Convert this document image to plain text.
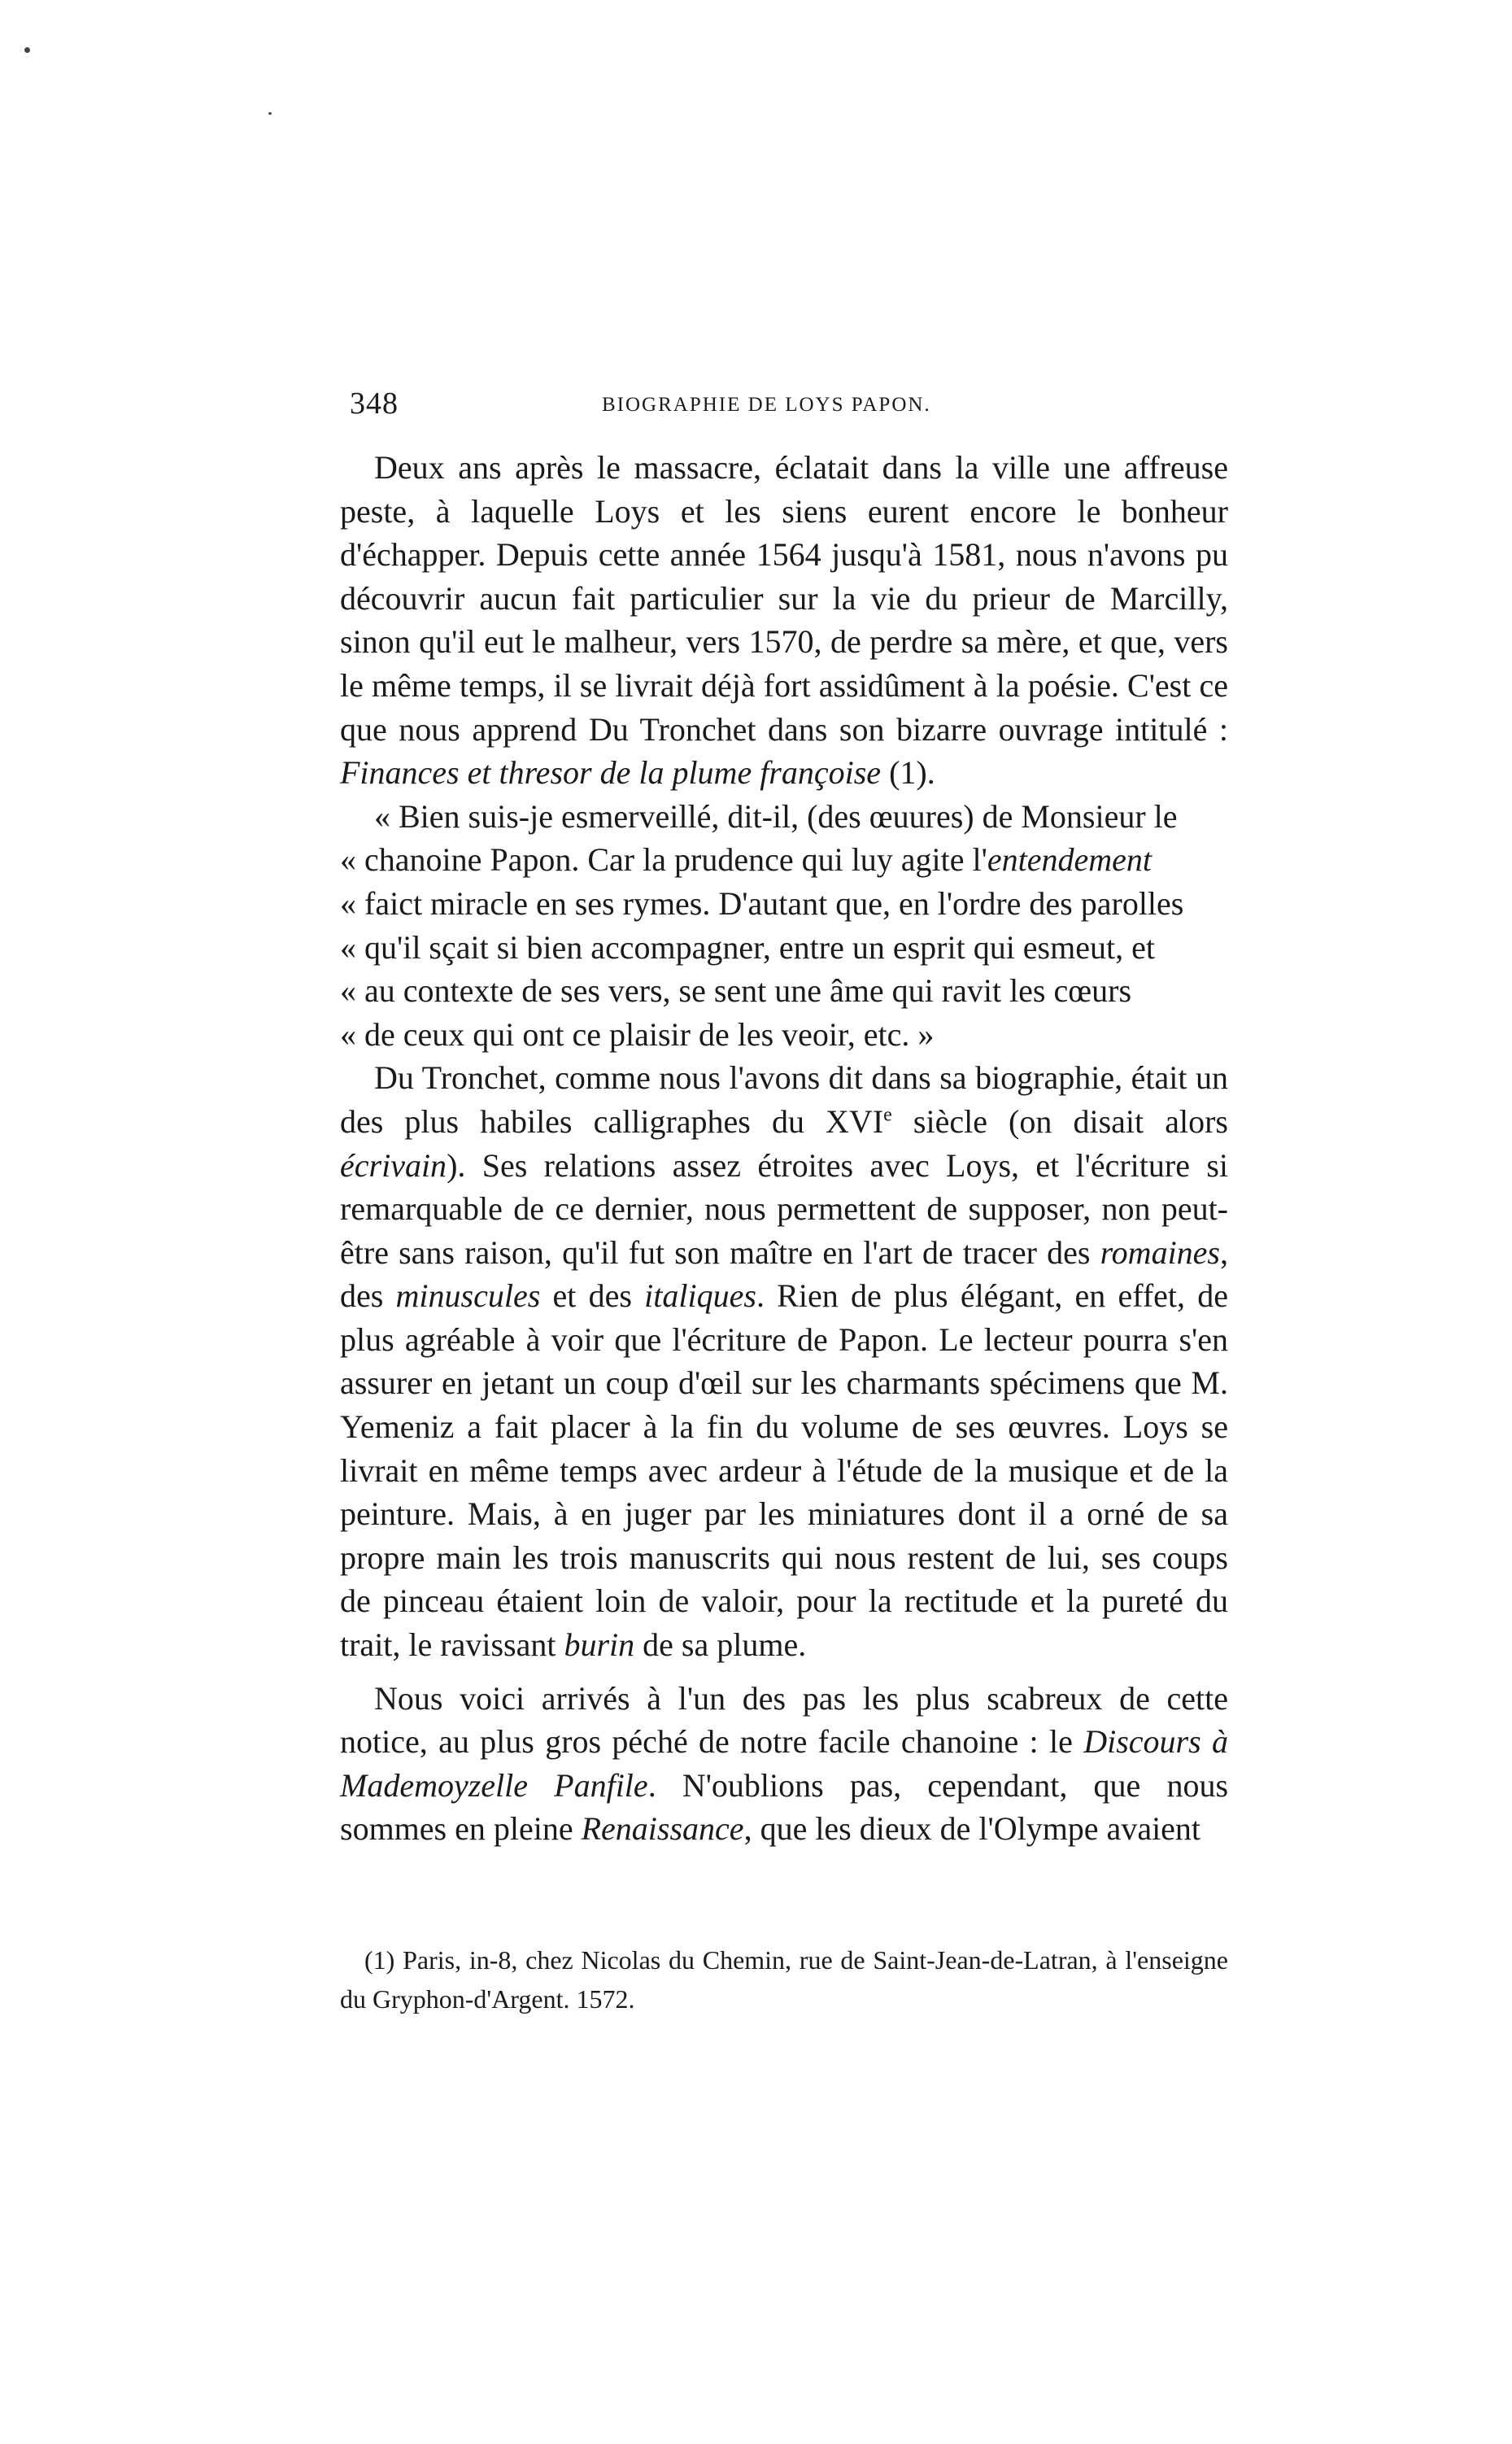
348	BIOGRAPHIE DE LOYS PAPON.

Deux ans après le massacre, éclatait dans la ville une affreuse peste, à laquelle Loys et les siens eurent encore le bonheur d'échapper. Depuis cette année 1564 jusqu'à 1581, nous n'avons pu découvrir aucun fait particulier sur la vie du prieur de Marcilly, sinon qu'il eut le malheur, vers 1570, de perdre sa mère, et que, vers le même temps, il se livrait déjà fort assidûment à la poésie. C'est ce que nous apprend Du Tronchet dans son bizarre ouvrage intitulé : Finances et thresor de la plume françoise (1).

« Bien suis-je esmerveillé, dit-il, (des œuures) de Monsieur le

« chanoine Papon. Car la prudence qui luy agite l'entendement

« faict miracle en ses rymes. D'autant que, en l'ordre des parolles

« qu'il sçait si bien accompagner, entre un esprit qui esmeut, et

« au contexte de ses vers, se sent une âme qui ravit les cœurs

« de ceux qui ont ce plaisir de les veoir, etc. »

Du Tronchet, comme nous l'avons dit dans sa biographie, était un des plus habiles calligraphes du XVIe siècle (on disait alors écrivain). Ses relations assez étroites avec Loys, et l'écriture si remarquable de ce dernier, nous permettent de supposer, non peut-être sans raison, qu'il fut son maître en l'art de tracer des romaines, des minuscules et des italiques. Rien de plus élégant, en effet, de plus agréable à voir que l'écriture de Papon. Le lecteur pourra s'en assurer en jetant un coup d'œil sur les charmants spécimens que M. Yemeniz a fait placer à la fin du volume de ses œuvres. Loys se livrait en même temps avec ardeur à l'étude de la musique et de la peinture. Mais, à en juger par les miniatures dont il a orné de sa propre main les trois manuscrits qui nous restent de lui, ses coups de pinceau étaient loin de valoir, pour la rectitude et la pureté du trait, le ravissant burin de sa plume.

Nous voici arrivés à l'un des pas les plus scabreux de cette notice, au plus gros péché de notre facile chanoine : le Discours à Mademoyzelle Panfile. N'oublions pas, cependant, que nous sommes en pleine Renaissance, que les dieux de l'Olympe avaient

(1) Paris, in-8, chez Nicolas du Chemin, rue de Saint-Jean-de-Latran, à l'enseigne du Gryphon-d'Argent. 1572.
